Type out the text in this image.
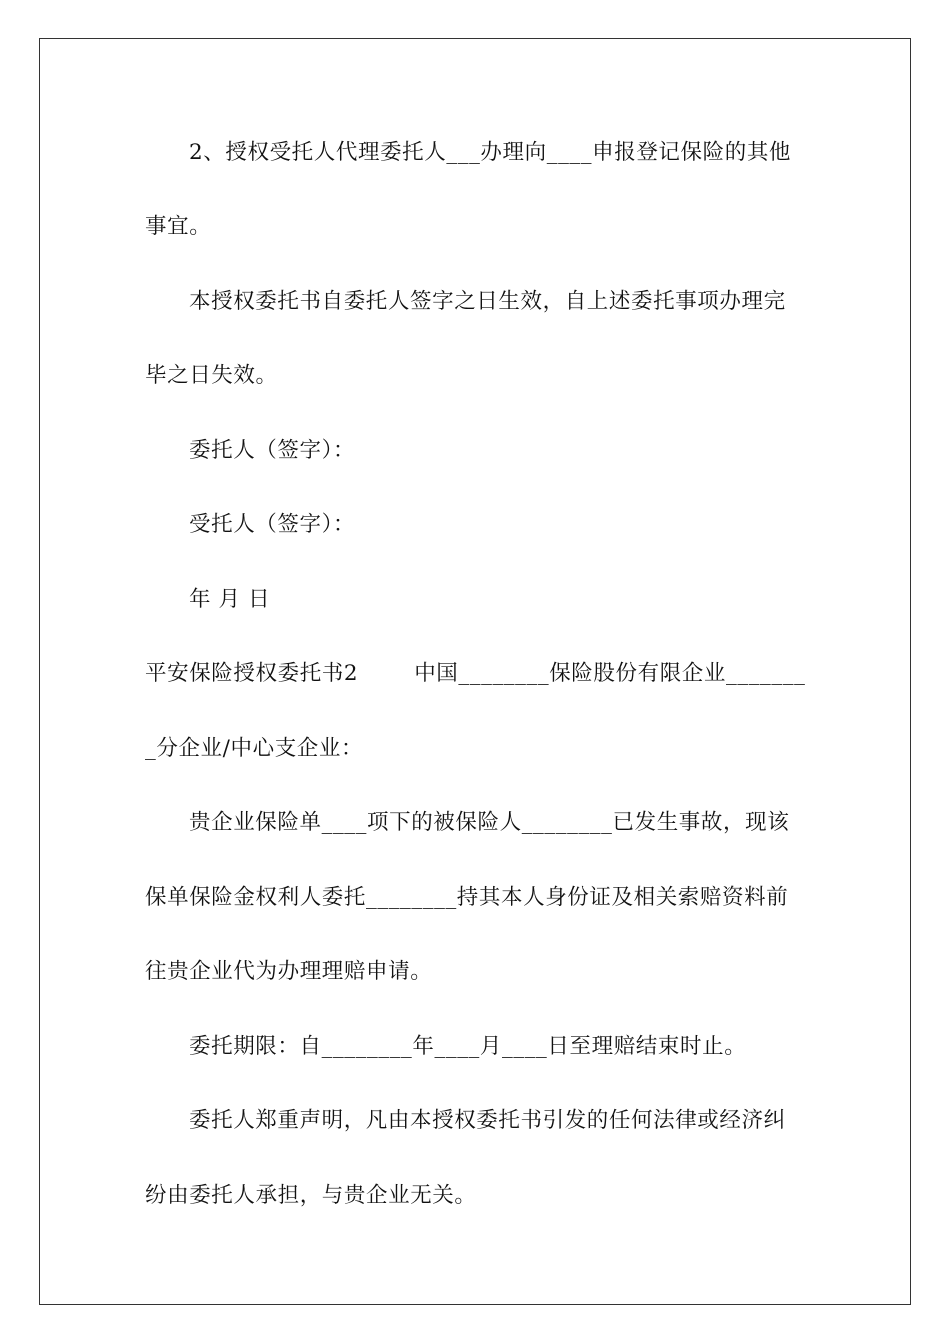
2、授权受托人代理委托人___办理向____申报登记保险的其他
事宜。
本授权委托书自委托人签字之日生效，自上述委托事项办理完
毕之日失效。
委托人（签字）：
受托人（签字）：
年 月 日
平安保险授权委托书2	中国________保险股份有限企业_______
_分企业/中心支企业：
贵企业保险单____项下的被保险人________已发生事故，现该
保单保险金权利人委托________持其本人身份证及相关索赔资料前
往贵企业代为办理理赔申请。
委托期限：自________年____月____日至理赔结束时止。
委托人郑重声明，凡由本授权委托书引发的任何法律或经济纠
纷由委托人承担，与贵企业无关。
